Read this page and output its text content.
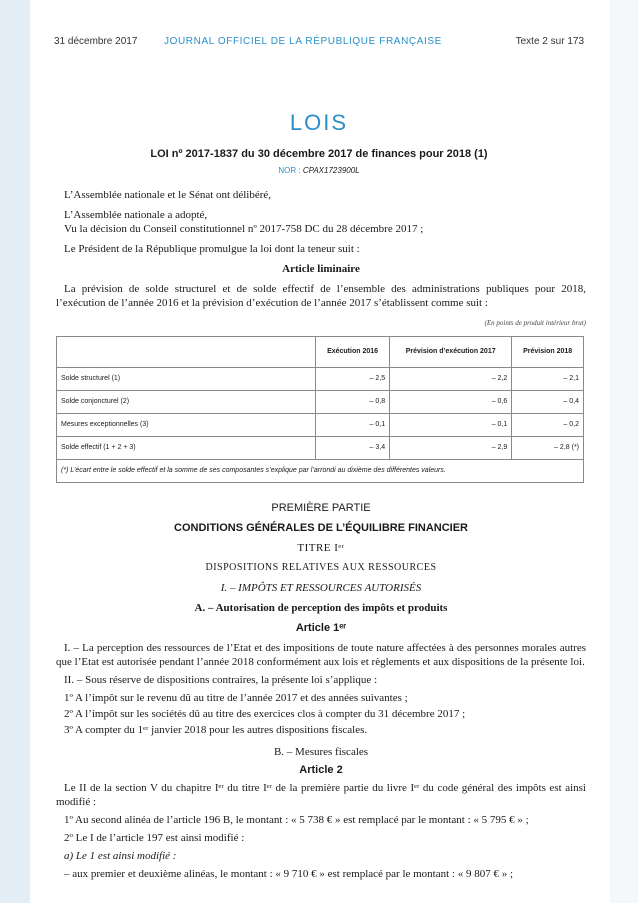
31 décembre 2017	JOURNAL OFFICIEL DE LA RÉPUBLIQUE FRANÇAISE	Texte 2 sur 173
LOIS
LOI nº 2017-1837 du 30 décembre 2017 de finances pour 2018 (1)
NOR : CPAX1723900L

L’Assemblée nationale et le Sénat ont délibéré,

L’Assemblée nationale a adopté,

Vu la décision du Conseil constitutionnel nº 2017-758 DC du 28 décembre 2017 ;

Le Président de la République promulgue la loi dont la teneur suit :

Article liminaire

La prévision de solde structurel et de solde effectif de l’ensemble des administrations publiques pour 2018, l’exécution de l’année 2016 et la prévision d’exécution de l’année 2017 s’établissent comme suit :

(En points de produit intérieur brut)

	Exécution 2016	Prévision d’exécution 2017	Prévision 2018
Solde structurel (1)	– 2,5	– 2,2	– 2,1
Solde conjoncturel (2)	– 0,8	– 0,6	– 0,4
Mesures exceptionnelles (3)	– 0,1	– 0,1	– 0,2
Solde effectif (1 + 2 + 3)	– 3,4	– 2,9	– 2,8 (*)
(*) L’écart entre le solde effectif et la somme de ses composantes s’explique par l’arrondi au dixième des différentes valeurs.			

PREMIÈRE PARTIE

CONDITIONS GÉNÉRALES DE L’ÉQUILIBRE FINANCIER

TITRE Iᵉʳ

DISPOSITIONS RELATIVES AUX RESSOURCES

I. – IMPÔTS ET RESSOURCES AUTORISÉS

A. – Autorisation de perception des impôts et produits

Article 1ᵉʳ

I. – La perception des ressources de l’Etat et des impositions de toute nature affectées à des personnes morales autres que l’Etat est autorisée pendant l’année 2018 conformément aux lois et règlements et aux dispositions de la présente loi.

II. – Sous réserve de dispositions contraires, la présente loi s’applique :

1º A l’impôt sur le revenu dû au titre de l’année 2017 et des années suivantes ;

2º A l’impôt sur les sociétés dû au titre des exercices clos à compter du 31 décembre 2017 ;

3º A compter du 1ᵉʳ janvier 2018 pour les autres dispositions fiscales.

B. – Mesures fiscales

Article 2

Le II de la section V du chapitre Iᵉʳ du titre Iᵉʳ de la première partie du livre Iᵉʳ du code général des impôts est ainsi modifié :

1º Au second alinéa de l’article 196 B, le montant : « 5 738 € » est remplacé par le montant : « 5 795 € » ;

2º Le I de l’article 197 est ainsi modifié :

a) Le 1 est ainsi modifié :

– aux premier et deuxième alinéas, le montant : « 9 710 € » est remplacé par le montant : « 9 807 € » ;
